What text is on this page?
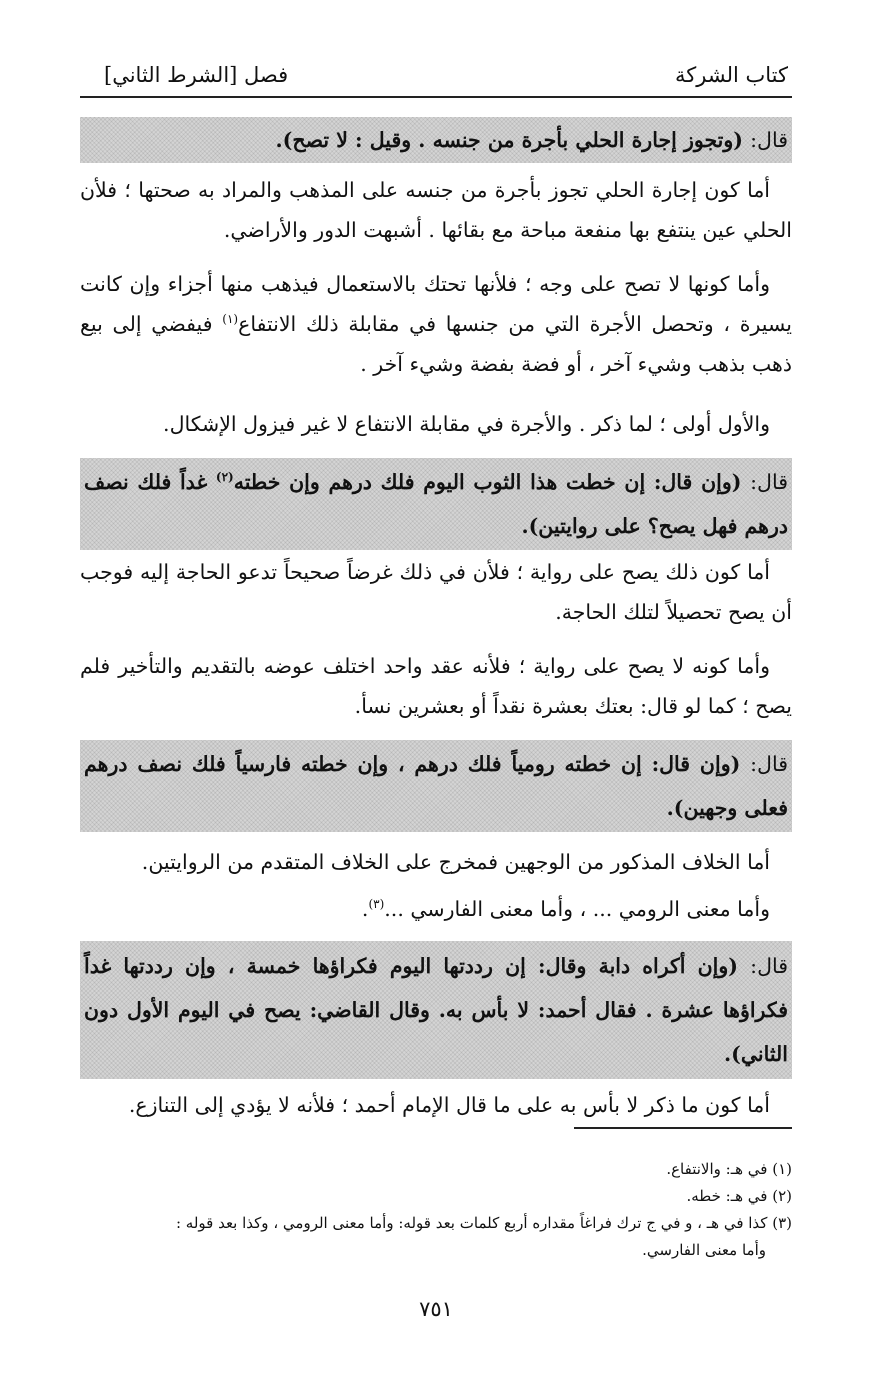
كتاب الشركة
فصل [الشرط الثاني]
قال: (وتجوز إجارة الحلي بأجرة من جنسه . وقيل : لا تصح).
أما كون إجارة الحلي تجوز بأجرة من جنسه على المذهب والمراد به صحتها ؛ فلأن الحلي عين ينتفع بها منفعة مباحة مع بقائها . أشبهت الدور والأراضي.
وأما كونها لا تصح على وجه ؛ فلأنها تحتك بالاستعمال فيذهب منها أجزاء وإن كانت يسيرة ، وتحصل الأجرة التي من جنسها في مقابلة ذلك الانتفاع$^{(١)}$ فيفضي إلى بيع ذهب بذهب وشيء آخر ، أو فضة بفضة وشيء آخر .
والأول أولى ؛ لما ذكر . والأجرة في مقابلة الانتفاع لا غير فيزول الإشكال.
قال: (وإن قال: إن خطت هذا الثوب اليوم فلك درهم وإن خطته$^{(٢)}$ غداً فلك نصف درهم فهل يصح؟ على روايتين).
أما كون ذلك يصح على رواية ؛ فلأن في ذلك غرضاً صحيحاً تدعو الحاجة إليه فوجب أن يصح تحصيلاً لتلك الحاجة.
وأما كونه لا يصح على رواية ؛ فلأنه عقد واحد اختلف عوضه بالتقديم والتأخير فلم يصح ؛ كما لو قال: بعتك بعشرة نقداً أو بعشرين نسأ.
قال: (وإن قال: إن خطته رومياً فلك درهم ، وإن خطته فارسياً فلك نصف درهم فعلى وجهين).
أما الخلاف المذكور من الوجهين فمخرج على الخلاف المتقدم من الروايتين.
وأما معنى الرومي ... ، وأما معنى الفارسي ...$^{(٣)}$.
قال: (وإن أكراه دابة وقال: إن رددتها اليوم فكراؤها خمسة ، وإن رددتها غداً فكراؤها عشرة . فقال أحمد: لا بأس به. وقال القاضي: يصح في اليوم الأول دون الثاني).
أما كون ما ذكر لا بأس به على ما قال الإمام أحمد ؛ فلأنه لا يؤدي إلى التنازع.
(١) في هـ: والانتفاع.
(٢) في هـ: خطه.
(٣) كذا في هـ ، و في ج ترك فراغاً مقداره أربع كلمات بعد قوله: وأما معنى الرومي ، وكذا بعد قوله :
وأما معنى الفارسي.
٧٥١
